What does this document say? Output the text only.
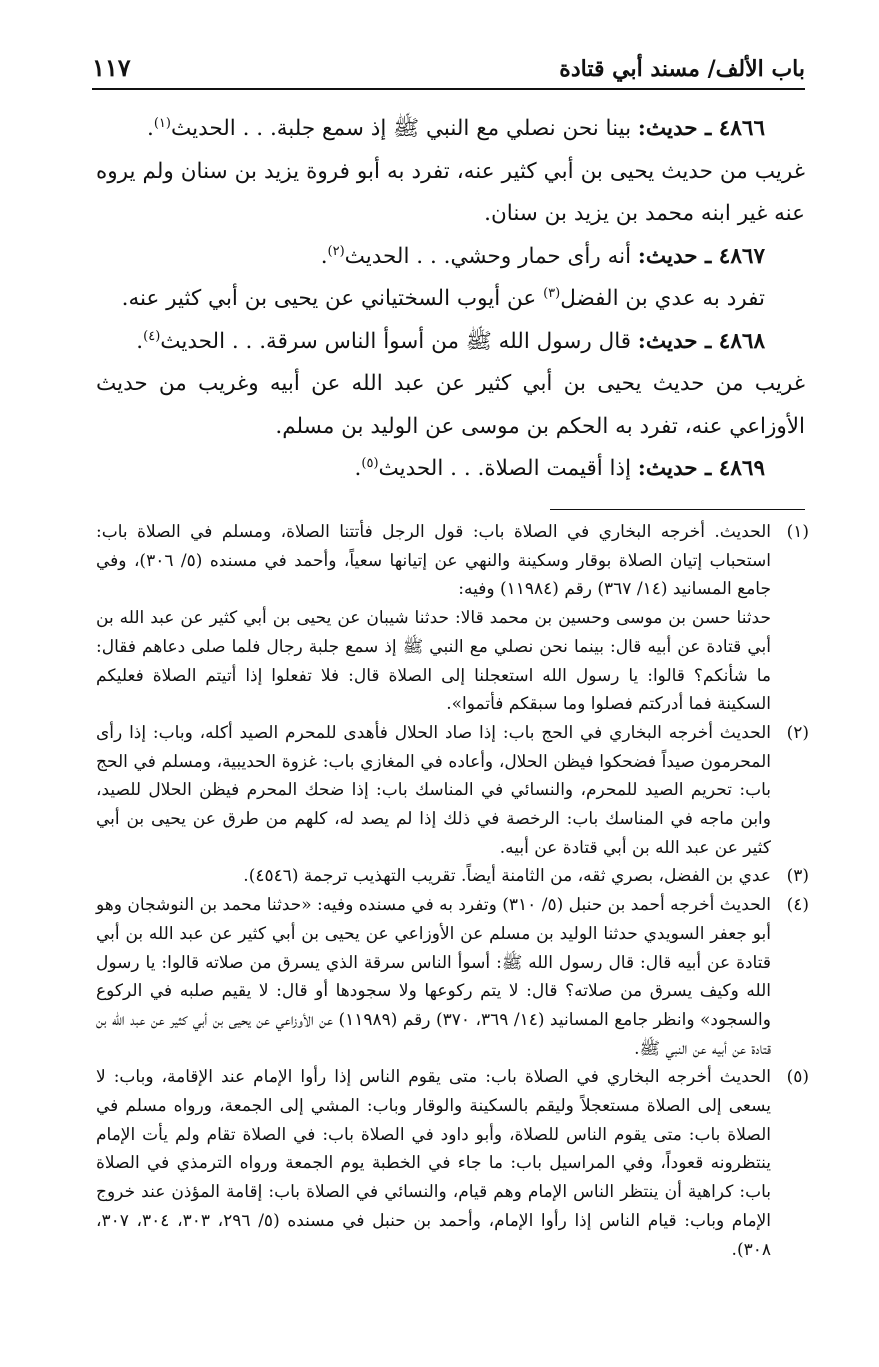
باب الألف/ مسند أبي قتادة
١١٧

٤٨٦٦ ـ حديث: بينا نحن نصلي مع النبي ﷺ إذ سمع جلبة. . . الحديث$^{(١)}$.

غريب من حديث يحيى بن أبي كثير عنه، تفرد به أبو فروة يزيد بن سنان ولم يروه عنه غير ابنه محمد بن يزيد بن سنان.

٤٨٦٧ ـ حديث: أنه رأى حمار وحشي. . . الحديث$^{(٢)}$.

تفرد به عدي بن الفضل$^{(٣)}$ عن أيوب السختياني عن يحيى بن أبي كثير عنه.

٤٨٦٨ ـ حديث: قال رسول الله ﷺ من أسوأ الناس سرقة. . . الحديث$^{(٤)}$.

غريب من حديث يحيى بن أبي كثير عن عبد الله عن أبيه وغريب من حديث الأوزاعي عنه، تفرد به الحكم بن موسى عن الوليد بن مسلم.

٤٨٦٩ ـ حديث: إذا أقيمت الصلاة. . . الحديث$^{(٥)}$.

(١)

الحديث. أخرجه البخاري في الصلاة باب: قول الرجل فأتتنا الصلاة، ومسلم في الصلاة باب: استحباب إتيان الصلاة بوقار وسكينة والنهي عن إتيانها سعياً، وأحمد في مسنده (٥/ ٣٠٦)، وفي جامع المسانيد (١٤/ ٣٦٧) رقم (١١٩٨٤) وفيه:

حدثنا حسن بن موسى وحسين بن محمد قالا: حدثنا شيبان عن يحيى بن أبي كثير عن عبد الله بن أبي قتادة عن أبيه قال: بينما نحن نصلي مع النبي ﷺ إذ سمع جلبة رجال فلما صلى دعاهم فقال: ما شأنكم؟ قالوا: يا رسول الله استعجلنا إلى الصلاة قال: فلا تفعلوا إذا أتيتم الصلاة فعليكم السكينة فما أدركتم فصلوا وما سبقكم فأتموا».

(٢)

الحديث أخرجه البخاري في الحج باب: إذا صاد الحلال فأهدى للمحرم الصيد أكله، وباب: إذا رأى المحرمون صيداً فضحكوا فيظن الحلال، وأعاده في المغازي باب: غزوة الحديبية، ومسلم في الحج باب: تحريم الصيد للمحرم، والنسائي في المناسك باب: إذا ضحك المحرم فيظن الحلال للصيد، وابن ماجه في المناسك باب: الرخصة في ذلك إذا لم يصد له، كلهم من طرق عن يحيى بن أبي كثير عن عبد الله بن أبي قتادة عن أبيه.

(٣)

عدي بن الفضل، بصري ثقه، من الثامنة أيضاً. تقريب التهذيب ترجمة (٤٥٤٦).

(٤)

الحديث أخرجه أحمد بن حنبل (٥/ ٣١٠) وتفرد به في مسنده وفيه: «حدثنا محمد بن النوشجان وهو أبو جعفر السويدي حدثنا الوليد بن مسلم عن الأوزاعي عن يحيى بن أبي كثير عن عبد الله بن أبي قتادة عن أبيه قال: قال رسول الله ﷺ: أسوأ الناس سرقة الذي يسرق من صلاته قالوا: يا رسول الله وكيف يسرق من صلاته؟ قال: لا يتم ركوعها ولا سجودها أو قال: لا يقيم صلبه في الركوع والسجود» وانظر جامع المسانيد (١٤/ ٣٦٩، ٣٧٠) رقم (١١٩٨٩) عن الأوزاعي عن يحيى بن أبي كثير عن عبد الله بن قتادة عن أبيه عن النبي ﷺ.

(٥)

الحديث أخرجه البخاري في الصلاة باب: متى يقوم الناس إذا رأوا الإمام عند الإقامة، وباب: لا يسعى إلى الصلاة مستعجلاً وليقم بالسكينة والوقار وباب: المشي إلى الجمعة، ورواه مسلم في الصلاة باب: متى يقوم الناس للصلاة، وأبو داود في الصلاة باب: في الصلاة تقام ولم يأت الإمام ينتظرونه قعوداً، وفي المراسيل باب: ما جاء في الخطبة يوم الجمعة ورواه الترمذي في الصلاة باب: كراهية أن ينتظر الناس الإمام وهم قيام، والنسائي في الصلاة باب: إقامة المؤذن عند خروج الإمام وباب: قيام الناس إذا رأوا الإمام، وأحمد بن حنبل في مسنده (٥/ ٢٩٦، ٣٠٣، ٣٠٤، ٣٠٧، ٣٠٨).
